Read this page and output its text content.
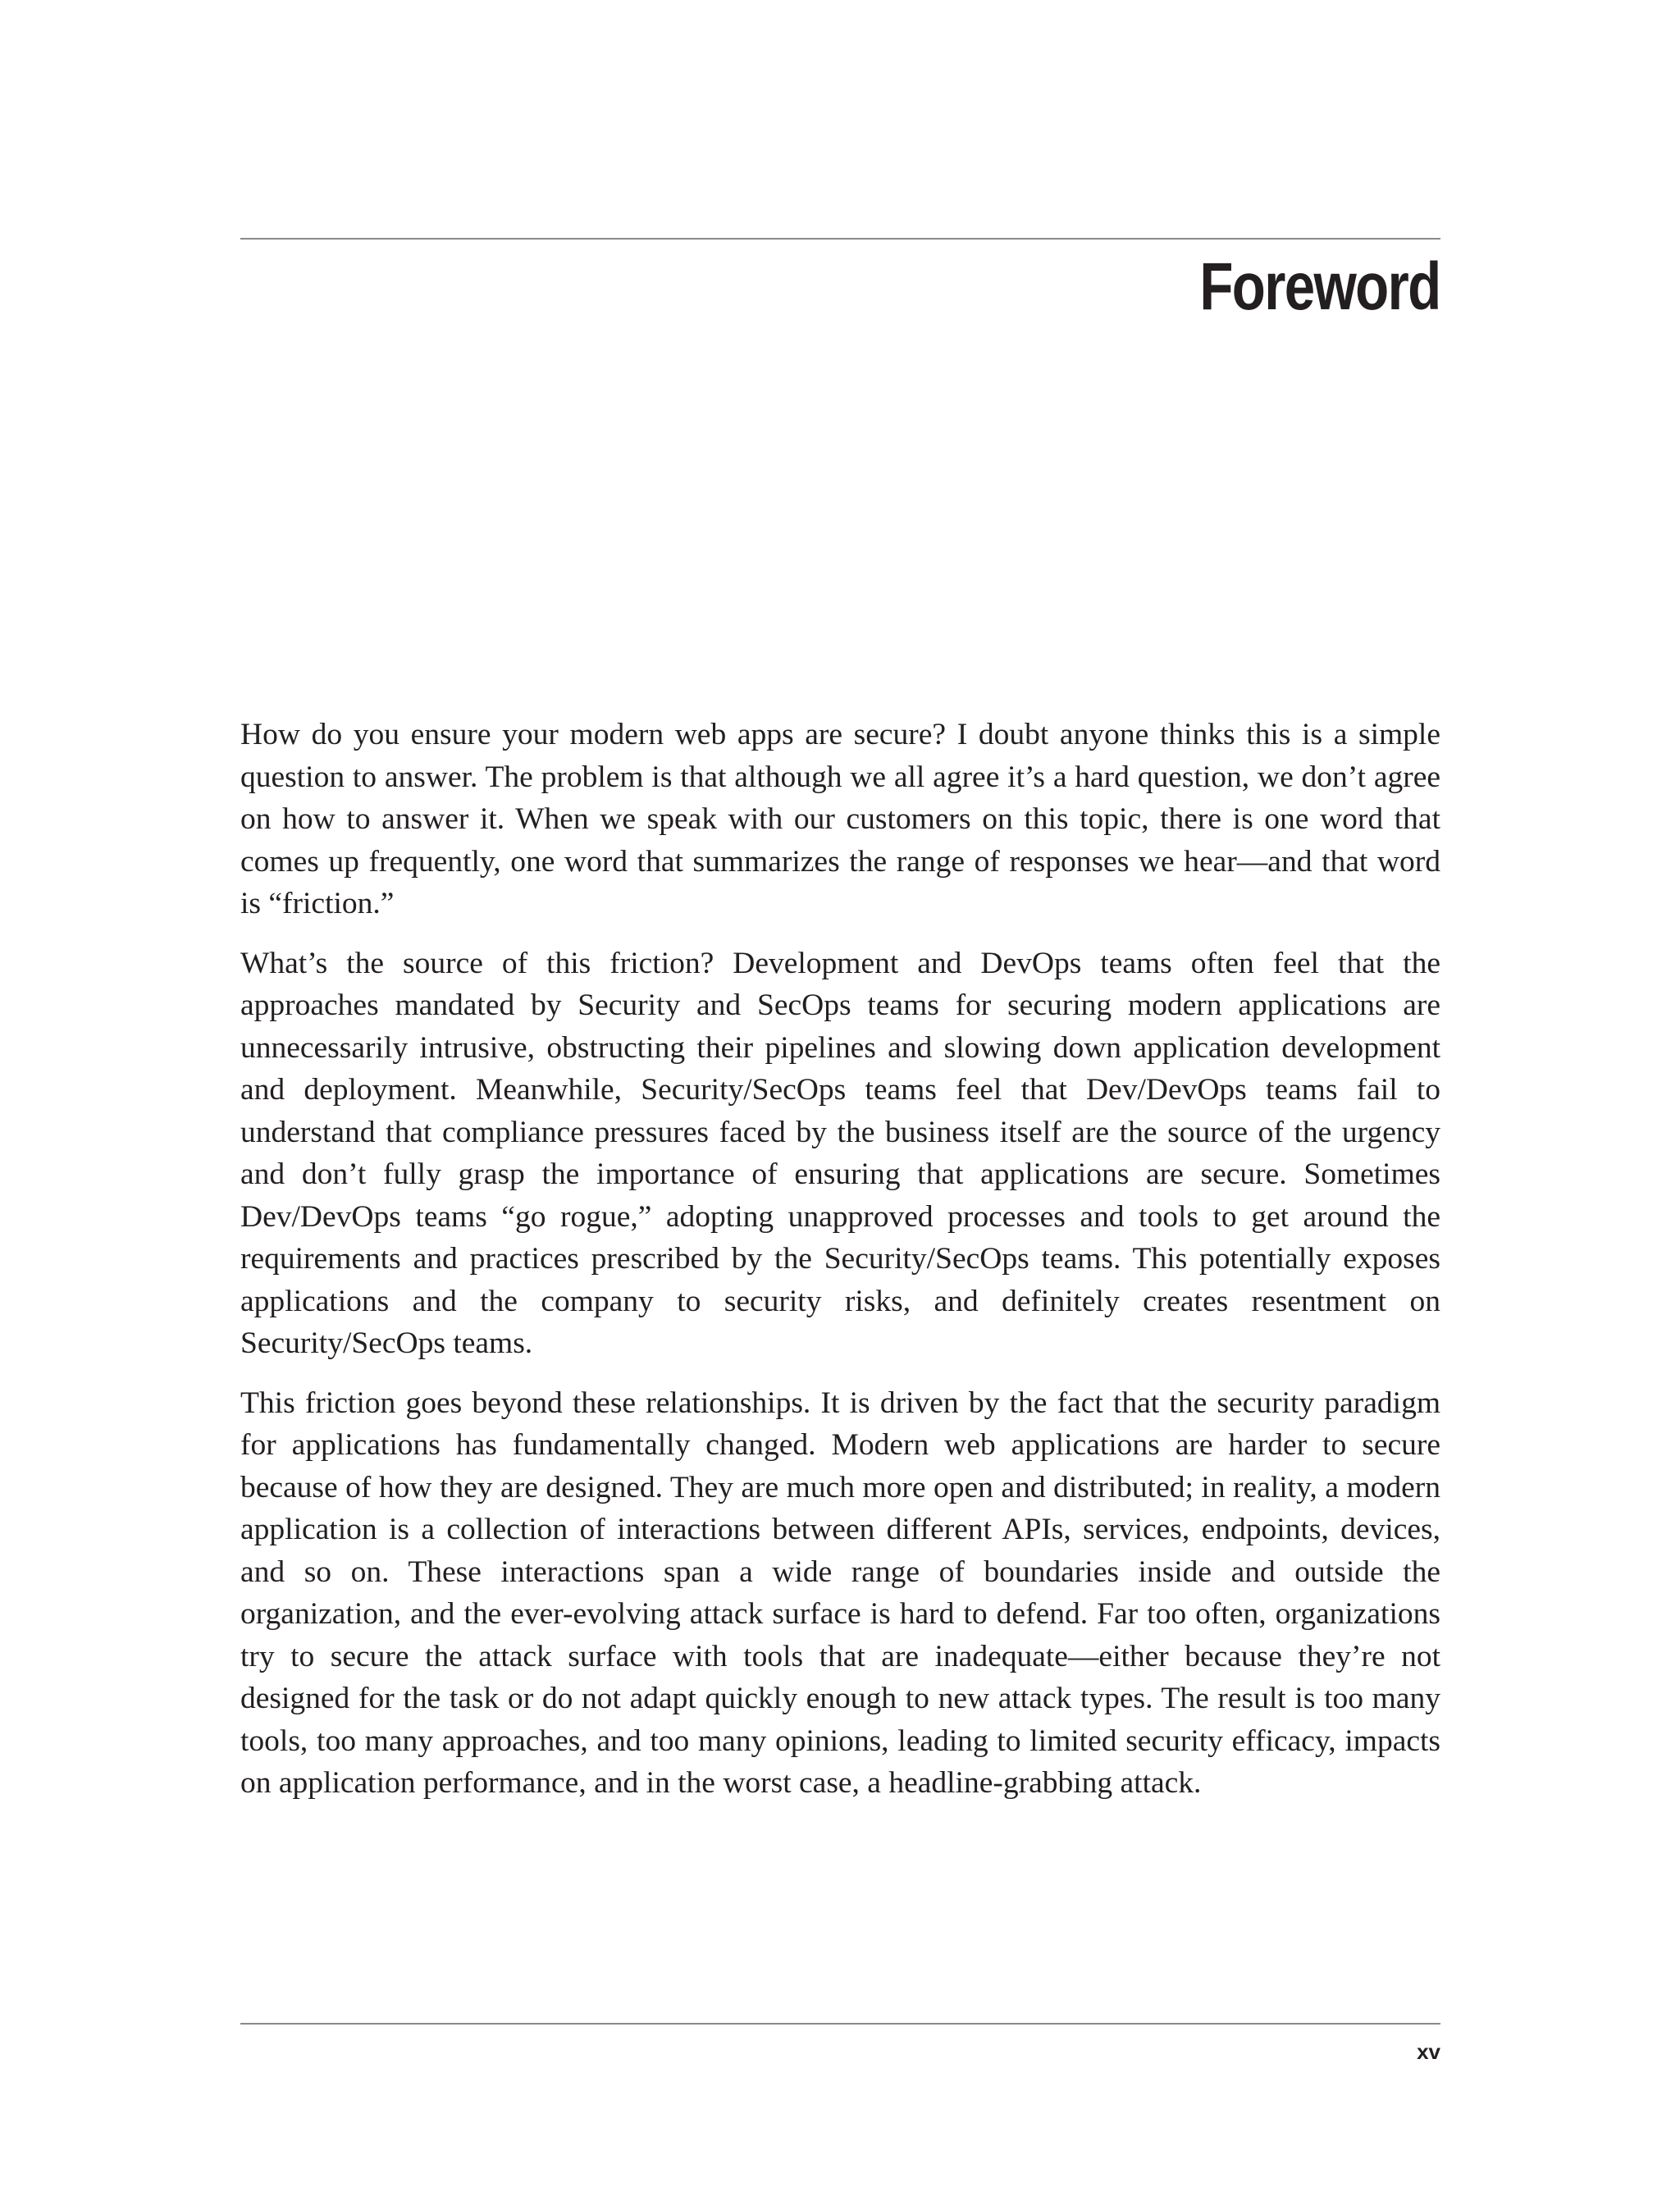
Foreword

How do you ensure your modern web apps are secure? I doubt anyone thinks this is a simple question to answer. The problem is that although we all agree it’s a hard question, we don’t agree on how to answer it. When we speak with our customers on this topic, there is one word that comes up frequently, one word that summarizes the range of responses we hear—and that word is “friction.”

What’s the source of this friction? Development and DevOps teams often feel that the approaches mandated by Security and SecOps teams for securing modern applications are unnecessarily intrusive, obstructing their pipelines and slowing down application development and deployment. Meanwhile, Security/SecOps teams feel that Dev/DevOps teams fail to understand that compliance pressures faced by the business itself are the source of the urgency and don’t fully grasp the importance of ensuring that applications are secure. Sometimes Dev/DevOps teams “go rogue,” adopting unapproved processes and tools to get around the requirements and practices prescribed by the Security/SecOps teams. This potentially exposes applications and the company to security risks, and definitely creates resentment on Security/SecOps teams.

This friction goes beyond these relationships. It is driven by the fact that the security paradigm for applications has fundamentally changed. Modern web applications are harder to secure because of how they are designed. They are much more open and distributed; in reality, a modern application is a collection of interactions between different APIs, services, endpoints, devices, and so on. These interactions span a wide range of boundaries inside and outside the organization, and the ever-evolving attack surface is hard to defend. Far too often, organizations try to secure the attack surface with tools that are inadequate—either because they’re not designed for the task or do not adapt quickly enough to new attack types. The result is too many tools, too many approaches, and too many opinions, leading to limited security efficacy, impacts on application performance, and in the worst case, a headline-grabbing attack.

xv
